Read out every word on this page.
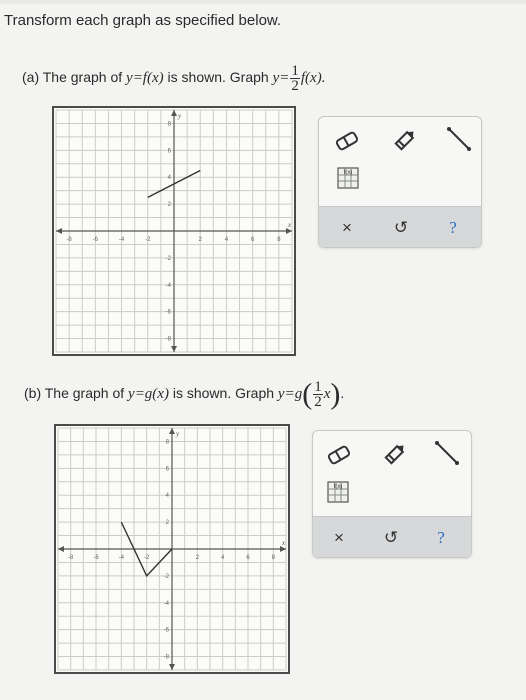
Transform each graph as specified below.
(a) The graph of y=f(x) is shown. Graph $y= \frac{1}{2} f(x)$.
-8	-6	-4	-2	2	4	6	8
8
6
4
2
-2
-4
-6
-8
x
y
f(x)
×	↺	?
(b) The graph of y=g(x) is shown. Graph $y=g( \frac{1}{2} x)$.
-8	-6	-4	-2	2	4	6	8
8
6
4
2
-2
-4
-6
-8
x
y
f(x)
×	↺	?
